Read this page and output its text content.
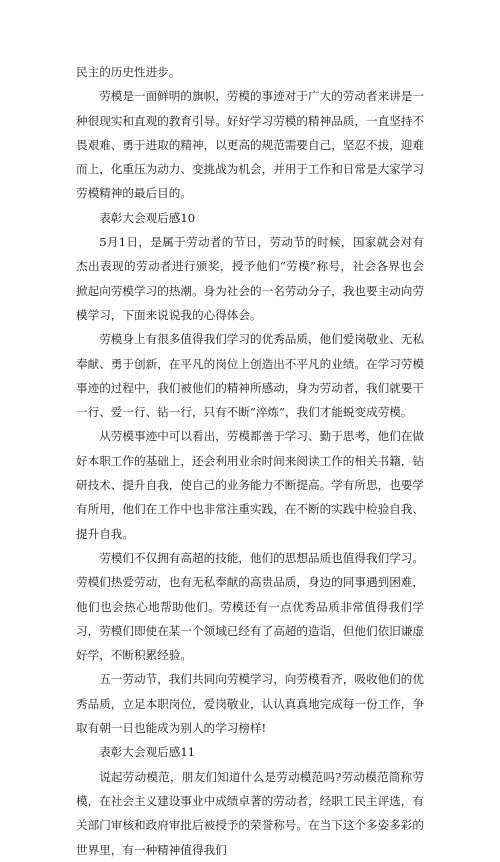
民主的历史性进步。

劳模是一面鲜明的旗帜，劳模的事迹对于广大的劳动者来讲是一种很现实和直观的教育引导。好好学习劳模的精神品质，一直坚持不畏艰难、勇于进取的精神，以更高的规范需要自己，坚忍不拔，迎难而上，化重压为动力、变挑战为机会，并用于工作和日常是大家学习劳模精神的最后目的。

表彰大会观后感10

5月1日，是属于劳动者的节日，劳动节的时候，国家就会对有杰出表现的劳动者进行颁奖，授予他们“劳模”称号，社会各界也会掀起向劳模学习的热潮。身为社会的一名劳动分子，我也要主动向劳模学习，下面来说说我的心得体会。

劳模身上有很多值得我们学习的优秀品质，他们爱岗敬业、无私奉献、勇于创新，在平凡的岗位上创造出不平凡的业绩。在学习劳模事迹的过程中，我们被他们的精神所感动，身为劳动者，我们就要干一行、爱一行、钻一行，只有不断“淬炼”，我们才能蜕变成劳模。

从劳模事迹中可以看出，劳模都善于学习、勤于思考，他们在做好本职工作的基础上，还会利用业余时间来阅读工作的相关书籍，钻研技术、提升自我，使自己的业务能力不断提高。学有所思，也要学有所用，他们在工作中也非常注重实践，在不断的实践中检验自我、提升自我。

劳模们不仅拥有高超的技能，他们的思想品质也值得我们学习。劳模们热爱劳动，也有无私奉献的高贵品质，身边的同事遇到困难，他们也会热心地帮助他们。劳模还有一点优秀品质非常值得我们学习，劳模们即使在某一个领域已经有了高超的造诣，但他们依旧谦虚好学，不断积累经验。

五一劳动节，我们共同向劳模学习，向劳模看齐，吸收他们的优秀品质，立足本职岗位，爱岗敬业，认认真真地完成每一份工作，争取有朝一日也能成为别人的学习榜样!

表彰大会观后感11

说起劳动模范，朋友们知道什么是劳动模范吗?劳动模范简称劳模，在社会主义建设事业中成绩卓著的劳动者，经职工民主评选，有关部门审核和政府审批后被授予的荣誉称号。在当下这个多姿多彩的世界里，有一种精神值得我们
